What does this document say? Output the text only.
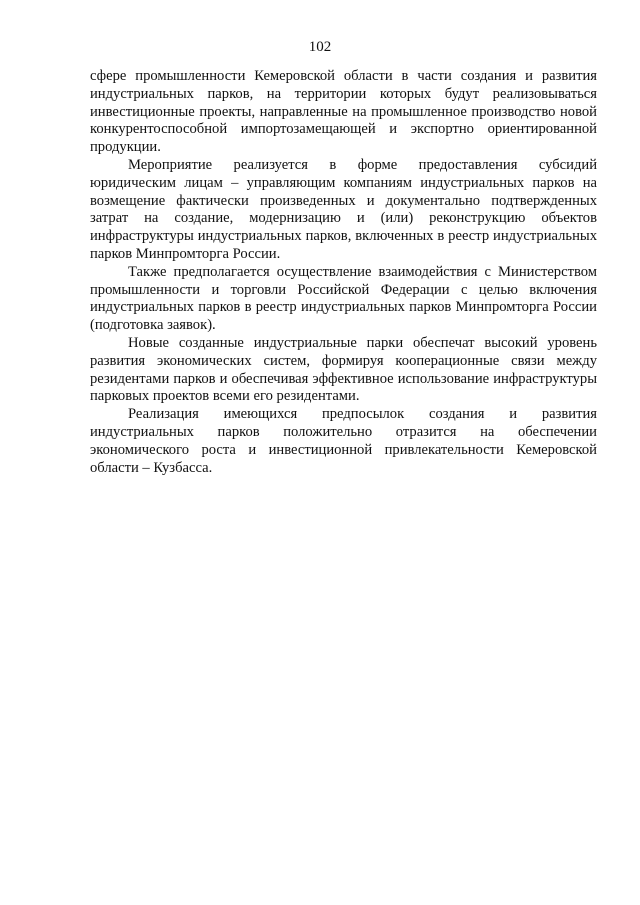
102

сфере промышленности Кемеровской области в части создания и развития индустриальных парков, на территории которых будут реализовываться инвестиционные проекты, направленные на промышленное производство новой конкурентоспособной импортозамещающей и экспортно ориентированной продукции.

Мероприятие реализуется в форме предоставления субсидий юридическим лицам – управляющим компаниям индустриальных парков на возмещение фактически произведенных и документально подтвержденных затрат на создание, модернизацию и (или) реконструкцию объектов инфраструктуры индустриальных парков, включенных в реестр индустриальных парков Минпромторга России.

Также предполагается осуществление взаимодействия с Министерством промышленности и торговли Российской Федерации с целью включения индустриальных парков в реестр индустриальных парков Минпромторга России (подготовка заявок).

Новые созданные индустриальные парки обеспечат высокий уровень развития экономических систем, формируя кооперационные связи между резидентами парков и обеспечивая эффективное использование инфраструктуры парковых проектов всеми его резидентами.

Реализация имеющихся предпосылок создания и развития индустриальных парков положительно отразится на обеспечении экономического роста и инвестиционной привлекательности Кемеровской области – Кузбасса.
